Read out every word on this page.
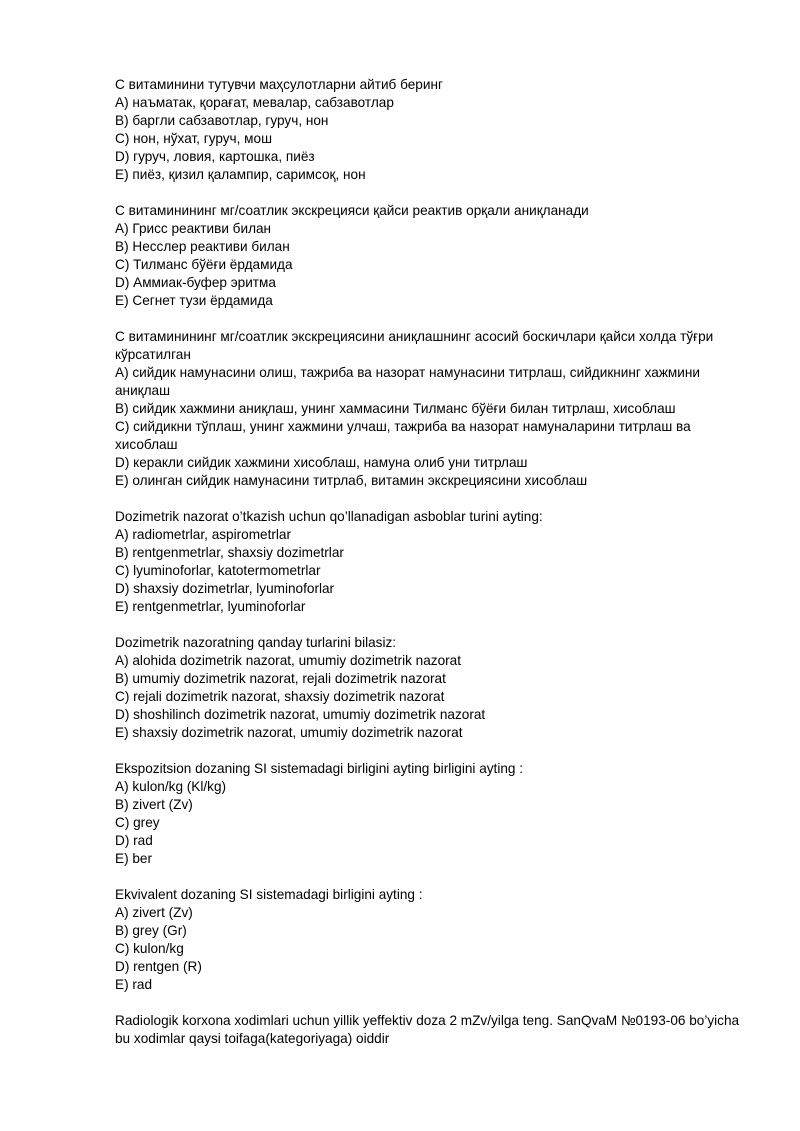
С витаминини тутувчи маҳсулотларни айтиб беринг
А) наъматак, қорағат, мевалар, сабзавотлар
В) баргли сабзавотлар, гуруч, нон
С) нон, нўхат, гуруч, мош
D) гуруч, ловия, картошка, пиёз
E) пиёз, қизил қалампир, саримсоқ, нон
С витаминининг мг/соатлик экскрецияси қайси реактив орқали аниқланади
А) Грисс реактиви билан
В) Несслер реактиви билан
С) Тилманс бўёғи ёрдамида
D) Аммиак-буфер эритма
E) Сегнет тузи ёрдамида
С витаминининг мг/соатлик экскрециясини аниқлашнинг асосий боскичлари қайси холда тўғри кўрсатилган
А) сийдик намунасини олиш, тажриба ва назорат намунасини титрлаш, сийдикнинг хажмини аниқлаш
В) сийдик хажмини аниқлаш, унинг хаммасини Тилманс бўёғи билан титрлаш, хисоблаш
С) сийдикни тўплаш, унинг хажмини улчаш, тажриба ва назорат намуналарини титрлаш ва хисоблаш
D) керакли сийдик хажмини хисоблаш, намуна олиб уни титрлаш
E) олинган сийдик намунасини титрлаб, витамин экскрециясини хисоблаш
Dozimetrik nazorat o’tkazish uchun qo’llanadigan asboblar turini ayting:
A) radiometrlar, aspirometrlar
B) rentgenmetrlar, shaxsiy dozimetrlar
C) lyuminoforlar, katotermometrlar
D) shaxsiy dozimetrlar, lyuminoforlar
E) rentgenmetrlar, lyuminoforlar
Dozimetrik nazoratning qanday turlarini bilasiz:
A) alohida dozimetrik nazorat, umumiy dozimetrik nazorat
B) umumiy dozimetrik nazorat, rejali dozimetrik nazorat
C) rejali dozimetrik nazorat, shaxsiy dozimetrik nazorat
D) shoshilinch dozimetrik nazorat, umumiy dozimetrik nazorat
E) shaxsiy dozimetrik nazorat, umumiy dozimetrik nazorat
Ekspozitsion dozaning SI sistemadagi birligini ayting birligini ayting :
A) kulon/kg (Kl/kg)
B) zivert (Zv)
C) grey
D) rad
E) ber
Ekvivalent dozaning SI sistemadagi birligini ayting :
A) zivert (Zv)
B) grey (Gr)
C) kulon/kg
D) rentgen (R)
E) rad
Radiologik korxona xodimlari uchun yillik yeffektiv doza 2 mZv/yilga teng. SanQvaM №0193-06 bo’yicha bu xodimlar qaysi toifaga(kategoriyaga) oiddir
